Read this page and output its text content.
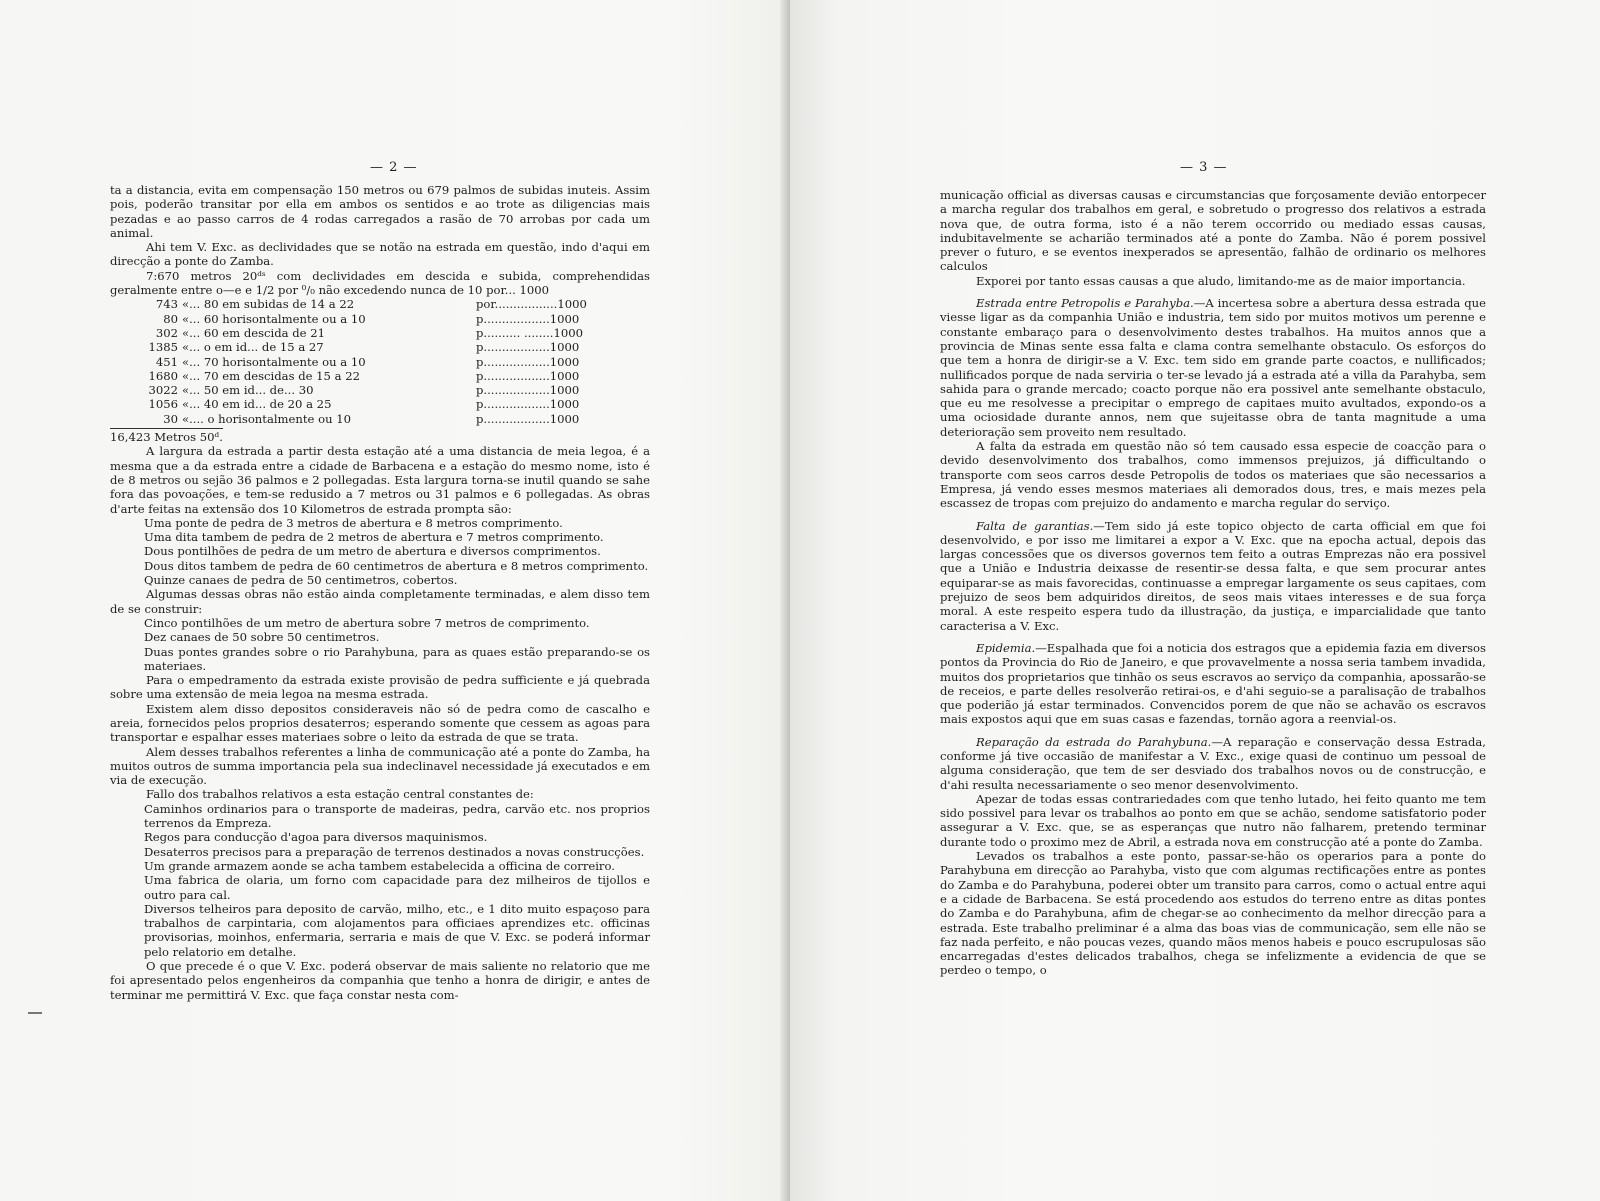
— 2 —

ta a distancia, evita em compensação 150 metros ou 679 palmos de subidas inuteis. Assim pois, poderão transitar por ella em ambos os sentidos e ao trote as diligencias mais pezadas e ao passo carros de 4 rodas carregados a rasão de 70 arrobas por cada um animal.

Ahi tem V. Exc. as declividades que se notão na estrada em questão, indo d'aqui em direcção a ponte do Zamba.

7:670 metros 20ᵈˢ com declividades em descida e subida, comprehendidas geralmente entre o—e e 1/2 por ⁰/₀ não excedendo nunca de 10 por... 1000

743	«... 80 em subidas de 14 a 22	por.................1000
80	«... 60 horisontalmente ou a 10	p..................1000
302	«... 60 em descida de 21	p.......... ........1000
1385	«... o em id... de 15 a 27	p..................1000
451	«... 70 horisontalmente ou a 10	p..................1000
1680	«... 70 em descidas de 15 a 22	p..................1000
3022	«... 50 em id... de... 30	p..................1000
1056	«... 40 em id... de 20 a 25	p..................1000
30	«.... o horisontalmente ou 10	p..................1000

16,423 Metros 50ᵈ.

A largura da estrada a partir desta estação até a uma distancia de meia legoa, é a mesma que a da estrada entre a cidade de Barbacena e a estação do mesmo nome, isto é de 8 metros ou sejão 36 palmos e 2 pollegadas. Esta largura torna-se inutil quando se sahe fora das povoações, e tem-se redusido a 7 metros ou 31 palmos e 6 pollegadas. As obras d'arte feitas na extensão dos 10 Kilometros de estrada prompta são:

Uma ponte de pedra de 3 metros de abertura e 8 metros comprimento.

Uma dita tambem de pedra de 2 metros de abertura e 7 metros comprimento.

Dous pontilhões de pedra de um metro de abertura e diversos comprimentos.

Dous ditos tambem de pedra de 60 centimetros de abertura e 8 metros comprimento.

Quinze canaes de pedra de 50 centimetros, cobertos.

Algumas dessas obras não estão ainda completamente terminadas, e alem disso tem de se construir:

Cinco pontilhões de um metro de abertura sobre 7 metros de comprimento.

Dez canaes de 50 sobre 50 centimetros.

Duas pontes grandes sobre o rio Parahybuna, para as quaes estão preparando-se os materiaes.

Para o empedramento da estrada existe provisão de pedra sufficiente e já quebrada sobre uma extensão de meia legoa na mesma estrada.

Existem alem disso depositos consideraveis não só de pedra como de cascalho e areia, fornecidos pelos proprios desaterros; esperando somente que cessem as agoas para transportar e espalhar esses materiaes sobre o leito da estrada de que se trata.

Alem desses trabalhos referentes a linha de communicação até a ponte do Zamba, ha muitos outros de summa importancia pela sua indeclinavel necessidade já executados e em via de execução.

Fallo dos trabalhos relativos a esta estação central constantes de:

Caminhos ordinarios para o transporte de madeiras, pedra, carvão etc. nos proprios terrenos da Empreza.

Regos para conducção d'agoa para diversos maquinismos.

Desaterros precisos para a preparação de terrenos destinados a novas construcções.

Um grande armazem aonde se acha tambem estabelecida a officina de correiro.

Uma fabrica de olaria, um forno com capacidade para dez milheiros de tijollos e outro para cal.

Diversos telheiros para deposito de carvão, milho, etc., e 1 dito muito espaçoso para trabalhos de carpintaria, com alojamentos para officiaes aprendizes etc. officinas provisorias, moinhos, enfermaria, serraria e mais de que V. Exc. se poderá informar pelo relatorio em detalhe.

O que precede é o que V. Exc. poderá observar de mais saliente no relatorio que me foi apresentado pelos engenheiros da companhia que tenho a honra de dirigir, e antes de terminar me permittirá V. Exc. que faça constar nesta com-

— 3 —

municação official as diversas causas e circumstancias que forçosamente devião entorpecer a marcha regular dos trabalhos em geral, e sobretudo o progresso dos relativos a estrada nova que, de outra forma, isto é a não terem occorrido ou mediado essas causas, indubitavelmente se acharião terminados até a ponte do Zamba. Não é porem possivel prever o futuro, e se eventos inexperados se apresentão, falhão de ordinario os melhores calculos

Exporei por tanto essas causas a que aludo, limitando-me as de maior importancia.

Estrada entre Petropolis e Parahyba.—A incertesa sobre a abertura dessa estrada que viesse ligar as da companhia União e industria, tem sido por muitos motivos um perenne e constante embaraço para o desenvolvimento destes trabalhos. Ha muitos annos que a provincia de Minas sente essa falta e clama contra semelhante obstaculo. Os esforços do que tem a honra de dirigir-se a V. Exc. tem sido em grande parte coactos, e nullificados; nullificados porque de nada serviria o ter-se levado já a estrada até a villa da Parahyba, sem sahida para o grande mercado; coacto porque não era possivel ante semelhante obstaculo, que eu me resolvesse a precipitar o emprego de capitaes muito avultados, expondo-os a uma ociosidade durante annos, nem que sujeitasse obra de tanta magnitude a uma deterioração sem proveito nem resultado.

A falta da estrada em questão não só tem causado essa especie de coacção para o devido desenvolvimento dos trabalhos, como immensos prejuizos, já difficultando o transporte com seos carros desde Petropolis de todos os materiaes que são necessarios a Empresa, já vendo esses mesmos materiaes ali demorados dous, tres, e mais mezes pela escassez de tropas com prejuizo do andamento e marcha regular do serviço.

Falta de garantias.—Tem sido já este topico objecto de carta official em que foi desenvolvido, e por isso me limitarei a expor a V. Exc. que na epocha actual, depois das largas concessões que os diversos governos tem feito a outras Emprezas não era possivel que a União e Industria deixasse de resentir-se dessa falta, e que sem procurar antes equiparar-se as mais favorecidas, continuasse a empregar largamente os seus capitaes, com prejuizo de seos bem adquiridos direitos, de seos mais vitaes interesses e de sua força moral. A este respeito espera tudo da illustração, da justiça, e imparcialidade que tanto caracterisa a V. Exc.

Epidemia.—Espalhada que foi a noticia dos estragos que a epidemia fazia em diversos pontos da Provincia do Rio de Janeiro, e que provavelmente a nossa seria tambem invadida, muitos dos proprietarios que tinhão os seus escravos ao serviço da companhia, apossarão-se de receios, e parte delles resolverão retirai-os, e d'ahi seguio-se a paralisação de trabalhos que poderião já estar terminados. Convencidos porem de que não se achavão os escravos mais expostos aqui que em suas casas e fazendas, tornão agora a reenvial-os.

Reparação da estrada do Parahybuna.—A reparação e conservação dessa Estrada, conforme já tive occasião de manifestar a V. Exc., exige quasi de continuo um pessoal de alguma consideração, que tem de ser desviado dos trabalhos novos ou de construcção, e d'ahi resulta necessariamente o seo menor desenvolvimento.

Apezar de todas essas contrariedades com que tenho lutado, hei feito quanto me tem sido possivel para levar os trabalhos ao ponto em que se achão, sendome satisfatorio poder assegurar a V. Exc. que, se as esperanças que nutro não falharem, pretendo terminar durante todo o proximo mez de Abril, a estrada nova em construcção até a ponte do Zamba.

Levados os trabalhos a este ponto, passar-se-hão os operarios para a ponte do Parahybuna em direcção ao Parahyba, visto que com algumas rectificações entre as pontes do Zamba e do Parahybuna, poderei obter um transito para carros, como o actual entre aqui e a cidade de Barbacena. Se está procedendo aos estudos do terreno entre as ditas pontes do Zamba e do Parahybuna, afim de chegar-se ao conhecimento da melhor direcção para a estrada. Este trabalho preliminar é a alma das boas vias de communicação, sem elle não se faz nada perfeito, e não poucas vezes, quando mãos menos habeis e pouco escrupulosas são encarregadas d'estes delicados trabalhos, chega se infelizmente a evidencia de que se perdeo o tempo, o
